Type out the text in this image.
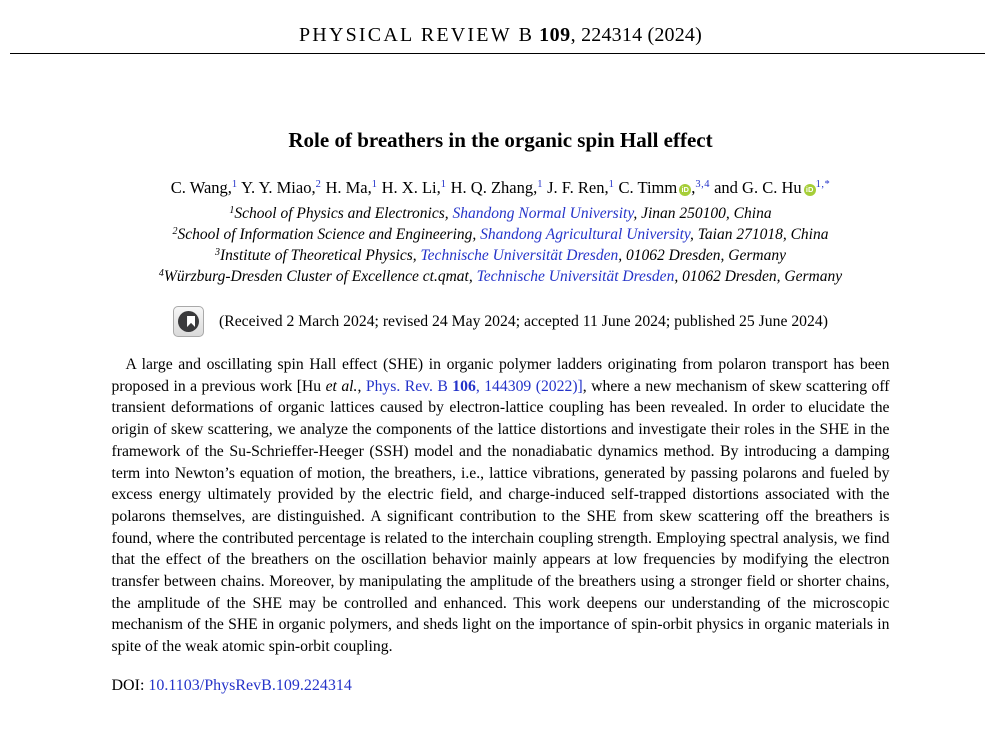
PHYSICAL REVIEW B 109, 224314 (2024)
Role of breathers in the organic spin Hall effect
C. Wang,$^1$ Y. Y. Miao,$^2$ H. Ma,$^1$ H. X. Li,$^1$ H. Q. Zhang,$^1$ J. F. Ren,$^1$ C. Timm iD ,$^{3,4}$ and G. C. Hu iD $^{1,*}$
$^1$School of Physics and Electronics, Shandong Normal University, Jinan 250100, China
$^2$School of Information Science and Engineering, Shandong Agricultural University, Taian 271018, China
$^3$Institute of Theoretical Physics, Technische Universität Dresden, 01062 Dresden, Germany
$^4$Würzburg-Dresden Cluster of Excellence ct.qmat, Technische Universität Dresden, 01062 Dresden, Germany
(Received 2 March 2024; revised 24 May 2024; accepted 11 June 2024; published 25 June 2024)

A large and oscillating spin Hall effect (SHE) in organic polymer ladders originating from polaron transport has been proposed in a previous work [Hu et al., Phys. Rev. B 106, 144309 (2022)], where a new mechanism of skew scattering off transient deformations of organic lattices caused by electron-lattice coupling has been revealed. In order to elucidate the origin of skew scattering, we analyze the components of the lattice distortions and investigate their roles in the SHE in the framework of the Su-Schrieffer-Heeger (SSH) model and the nonadiabatic dynamics method. By introducing a damping term into Newton’s equation of motion, the breathers, i.e., lattice vibrations, generated by passing polarons and fueled by excess energy ultimately provided by the electric field, and charge-induced self-trapped distortions associated with the polarons themselves, are distinguished. A significant contribution to the SHE from skew scattering off the breathers is found, where the contributed percentage is related to the interchain coupling strength. Employing spectral analysis, we find that the effect of the breathers on the oscillation behavior mainly appears at low frequencies by modifying the electron transfer between chains. Moreover, by manipulating the amplitude of the breathers using a stronger field or shorter chains, the amplitude of the SHE may be controlled and enhanced. This work deepens our understanding of the microscopic mechanism of the SHE in organic polymers, and sheds light on the importance of spin-orbit physics in organic materials in spite of the weak atomic spin-orbit coupling.

DOI: 10.1103/PhysRevB.109.224314
